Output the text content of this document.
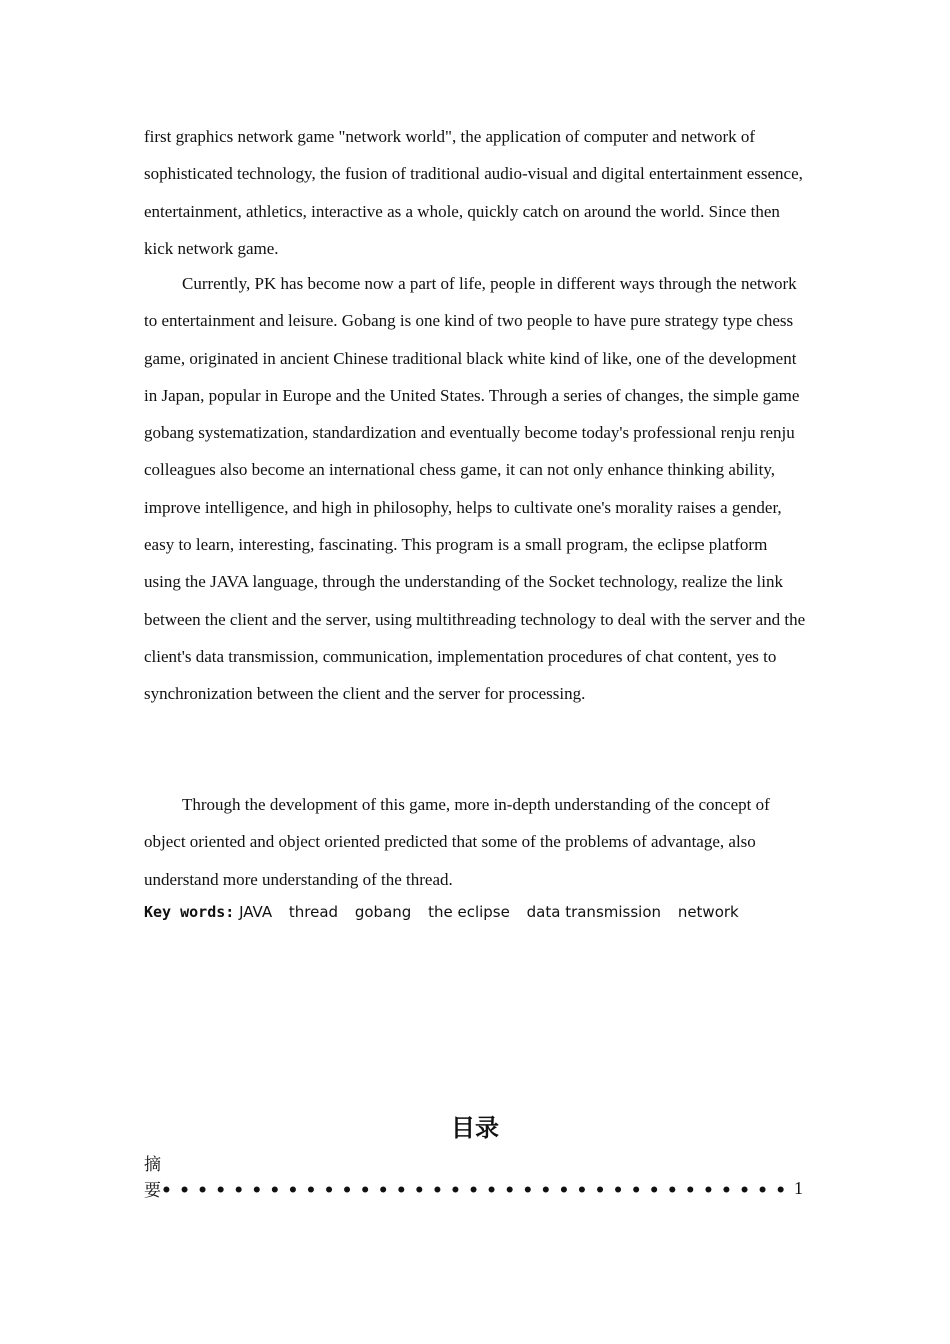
first graphics network game "network world", the application of computer and network of sophisticated technology, the fusion of traditional audio-visual and digital entertainment essence, entertainment, athletics, interactive as a whole, quickly catch on around the world. Since then kick network game.

Currently, PK has become now a part of life, people in different ways through the network to entertainment and leisure. Gobang is one kind of two people to have pure strategy type chess game, originated in ancient Chinese traditional black white kind of like, one of the development in Japan, popular in Europe and the United States. Through a series of changes, the simple game gobang systematization, standardization and eventually become today's professional renju renju colleagues also become an international chess game, it can not only enhance thinking ability, improve intelligence, and high in philosophy, helps to cultivate one's morality raises a gender, easy to learn, interesting, fascinating. This program is a small program, the eclipse platform using the JAVA language, through the understanding of the Socket technology, realize the link between the client and the server, using multithreading technology to deal with the server and the client's data transmission, communication, implementation procedures of chat content, yes to synchronization between the client and the server for processing.

Through the development of this game, more in-depth understanding of the concept of object oriented and object oriented predicted that some of the problems of advantage, also understand more understanding of the thread.

Key words: JAVA thread gobang the eclipse data transmission network
目录
摘
要••••••••••••••••••••••••••••••••••• 1
